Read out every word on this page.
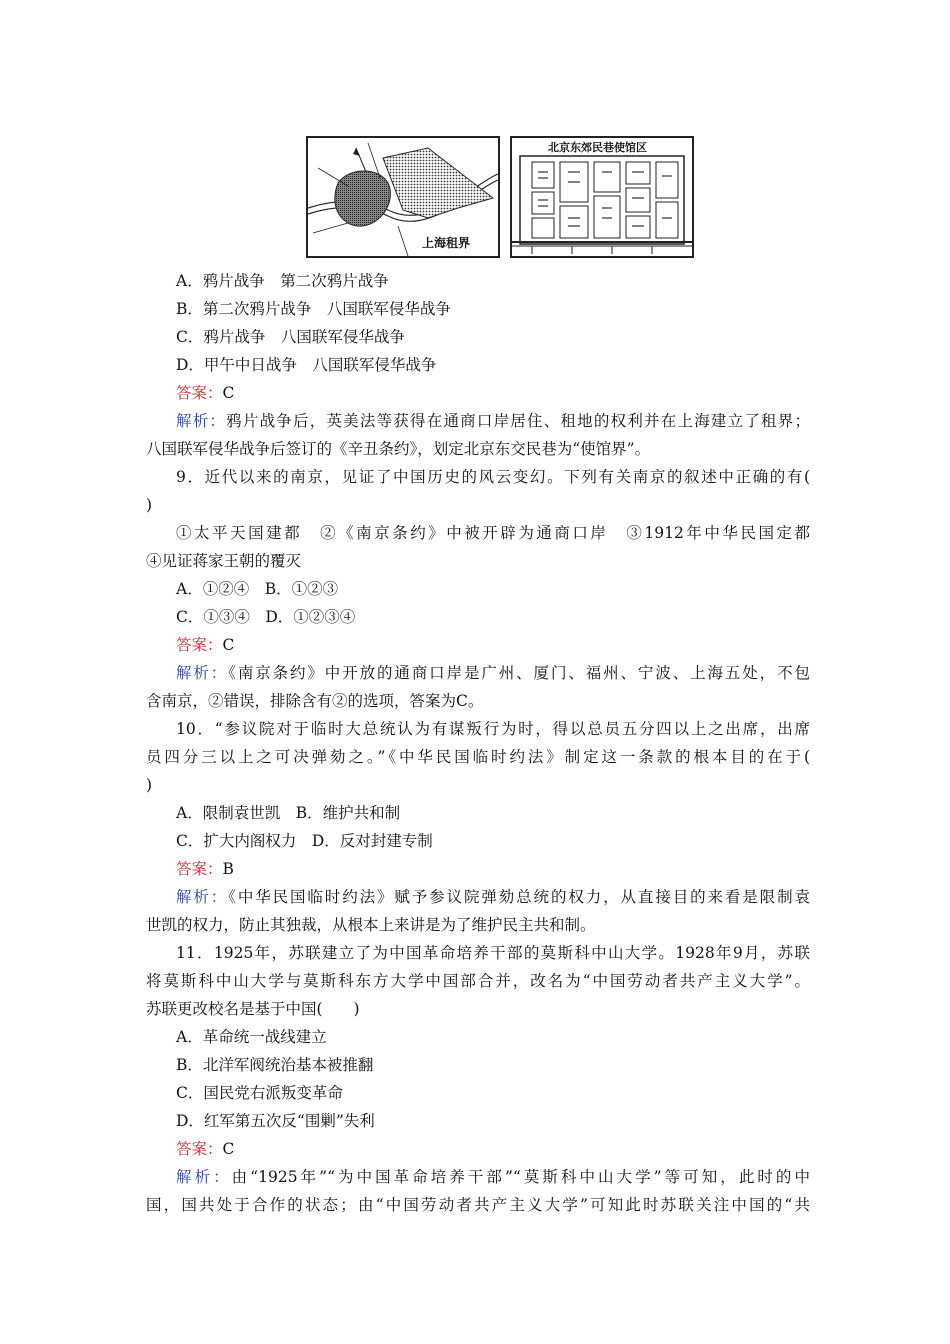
上海租界
北京东郊民巷使馆区
A．鸦片战争　第二次鸦片战争
B．第二次鸦片战争　八国联军侵华战争
C．鸦片战争　八国联军侵华战争
D．甲午中日战争　八国联军侵华战争
答案：C
解析：鸦片战争后，英美法等获得在通商口岸居住、租地的权利并在上海建立了租界；
八国联军侵华战争后签订的《辛丑条约》，划定北京东交民巷为“使馆界”。
9．近代以来的南京，见证了中国历史的风云变幻。下列有关南京的叙述中正确的有(
)
①太平天国建都　②《南京条约》中被开辟为通商口岸　③1912年中华民国定都
④见证蒋家王朝的覆灭
A．①②④　B．①②③
C．①③④　D．①②③④
答案：C
解析：《南京条约》中开放的通商口岸是广州、厦门、福州、宁波、上海五处，不包
含南京，②错误，排除含有②的选项，答案为C。
10．“参议院对于临时大总统认为有谋叛行为时，得以总员五分四以上之出席，出席
员四分三以上之可决弹劾之。”《中华民国临时约法》制定这一条款的根本目的在于(
)
A．限制袁世凯　B．维护共和制
C．扩大内阁权力　D．反对封建专制
答案：B
解析：《中华民国临时约法》赋予参议院弹劾总统的权力，从直接目的来看是限制袁
世凯的权力，防止其独裁，从根本上来讲是为了维护民主共和制。
11．1925年，苏联建立了为中国革命培养干部的莫斯科中山大学。1928年9月，苏联
将莫斯科中山大学与莫斯科东方大学中国部合并，改名为“中国劳动者共产主义大学”。
苏联更改校名是基于中国(　　)
A．革命统一战线建立
B．北洋军阀统治基本被推翻
C．国民党右派叛变革命
D．红军第五次反“围剿”失利
答案：C
解析：由“1925年”“为中国革命培养干部”“莫斯科中山大学”等可知，此时的中
国，国共处于合作的状态；由“中国劳动者共产主义大学”可知此时苏联关注中国的“共
